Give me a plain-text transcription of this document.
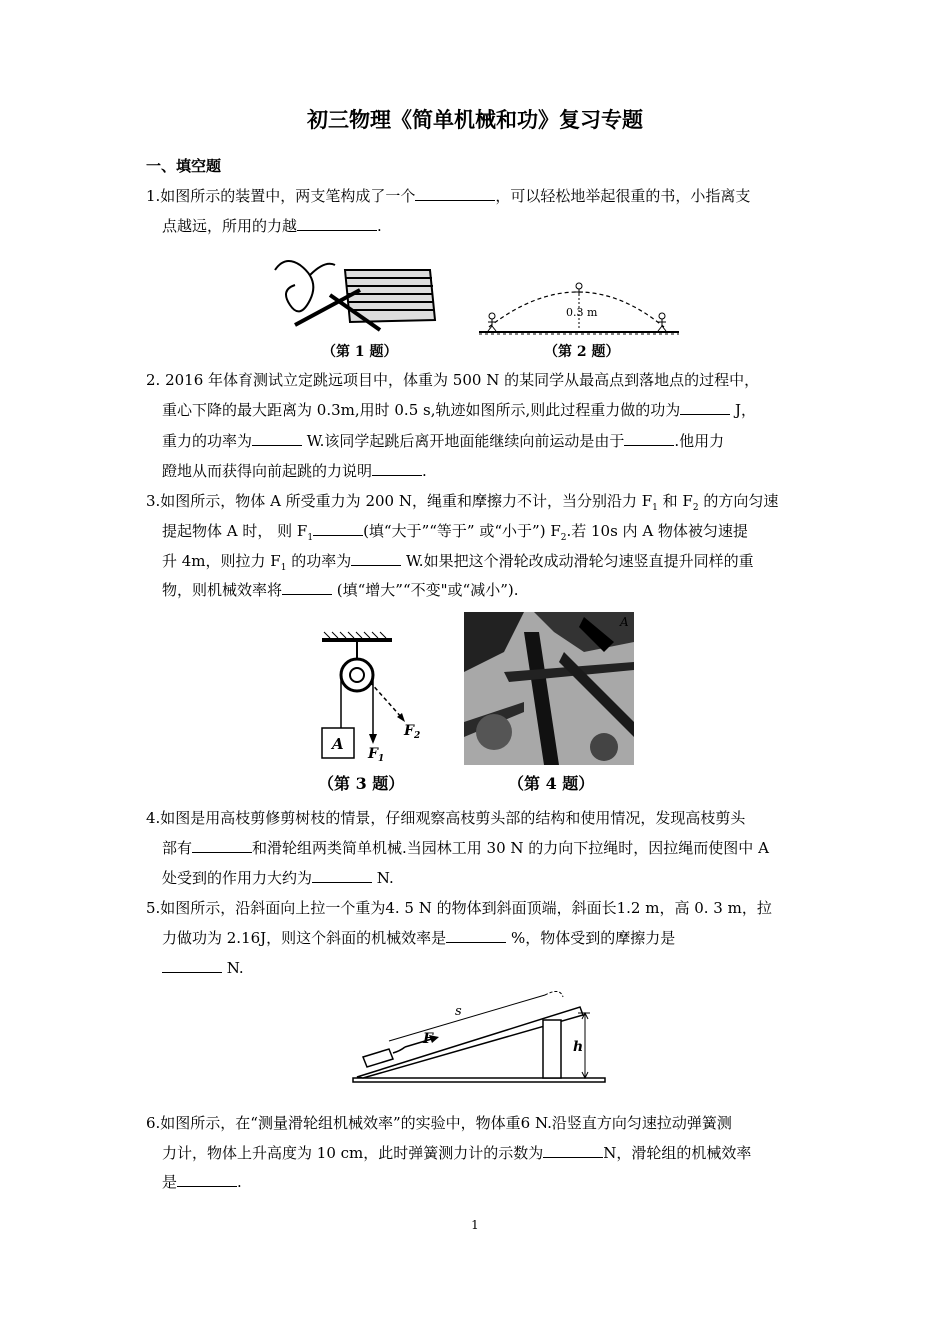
初三物理《简单机械和功》复习专题
一、填空题
1.如图所示的装置中，两支笔构成了一个	，可以轻松地举起很重的书，小指离支
点越远，所用的力越	.
（第 1 题）
0.3 m
（第 2 题）
2. 2016 年体育测试立定跳远项目中，体重为 500 N 的某同学从最高点到落地点的过程中，
重心下降的最大距离为 0.3m,用时 0.5 s,轨迹如图所示,则此过程重力做的功为	J，
重力的功率为	W.该同学起跳后离开地面能继续向前运动是由于	.他用力
蹬地从而获得向前起跳的力说明	.
3.如图所示，物体 A 所受重力为 200 N，绳重和摩擦力不计，当分别沿力 $F_1$ 和 $F_2$ 的方向匀速
提起物体 A 时， 则 $F_1$	(填“大于”“等于” 或“小于”) $F_2$.若 10s 内 A 物体被匀速提
升 4m，则拉力 $F_1$ 的功率为	W.如果把这个滑轮改成动滑轮匀速竖直提升同样的重
物，则机械效率将	(填“增大”“不变"或“减小”).
A
$F_1$
$F_2$
（第 3 题）
A
（第 4 题）
4.如图是用高枝剪修剪树枝的情景，仔细观察高枝剪头部的结构和使用情况，发现高枝剪头
部有	和滑轮组两类简单机械.当园林工用 30 N 的力向下拉绳时，因拉绳而使图中 A
处受到的作用力大约为	N.
5.如图所示，沿斜面向上拉一个重为4. 5 N 的物体到斜面顶端，斜面长1.2 m，高 0. 3 m，拉
力做功为 2.16J，则这个斜面的机械效率是	%，物体受到的摩擦力是
N.
s
F	h
6.如图所示，在“测量滑轮组机械效率”的实验中，物体重6 N.沿竖直方向匀速拉动弹簧测
力计，物体上升高度为 10 cm，此时弹簧测力计的示数为	N，滑轮组的机械效率
是	.
1
